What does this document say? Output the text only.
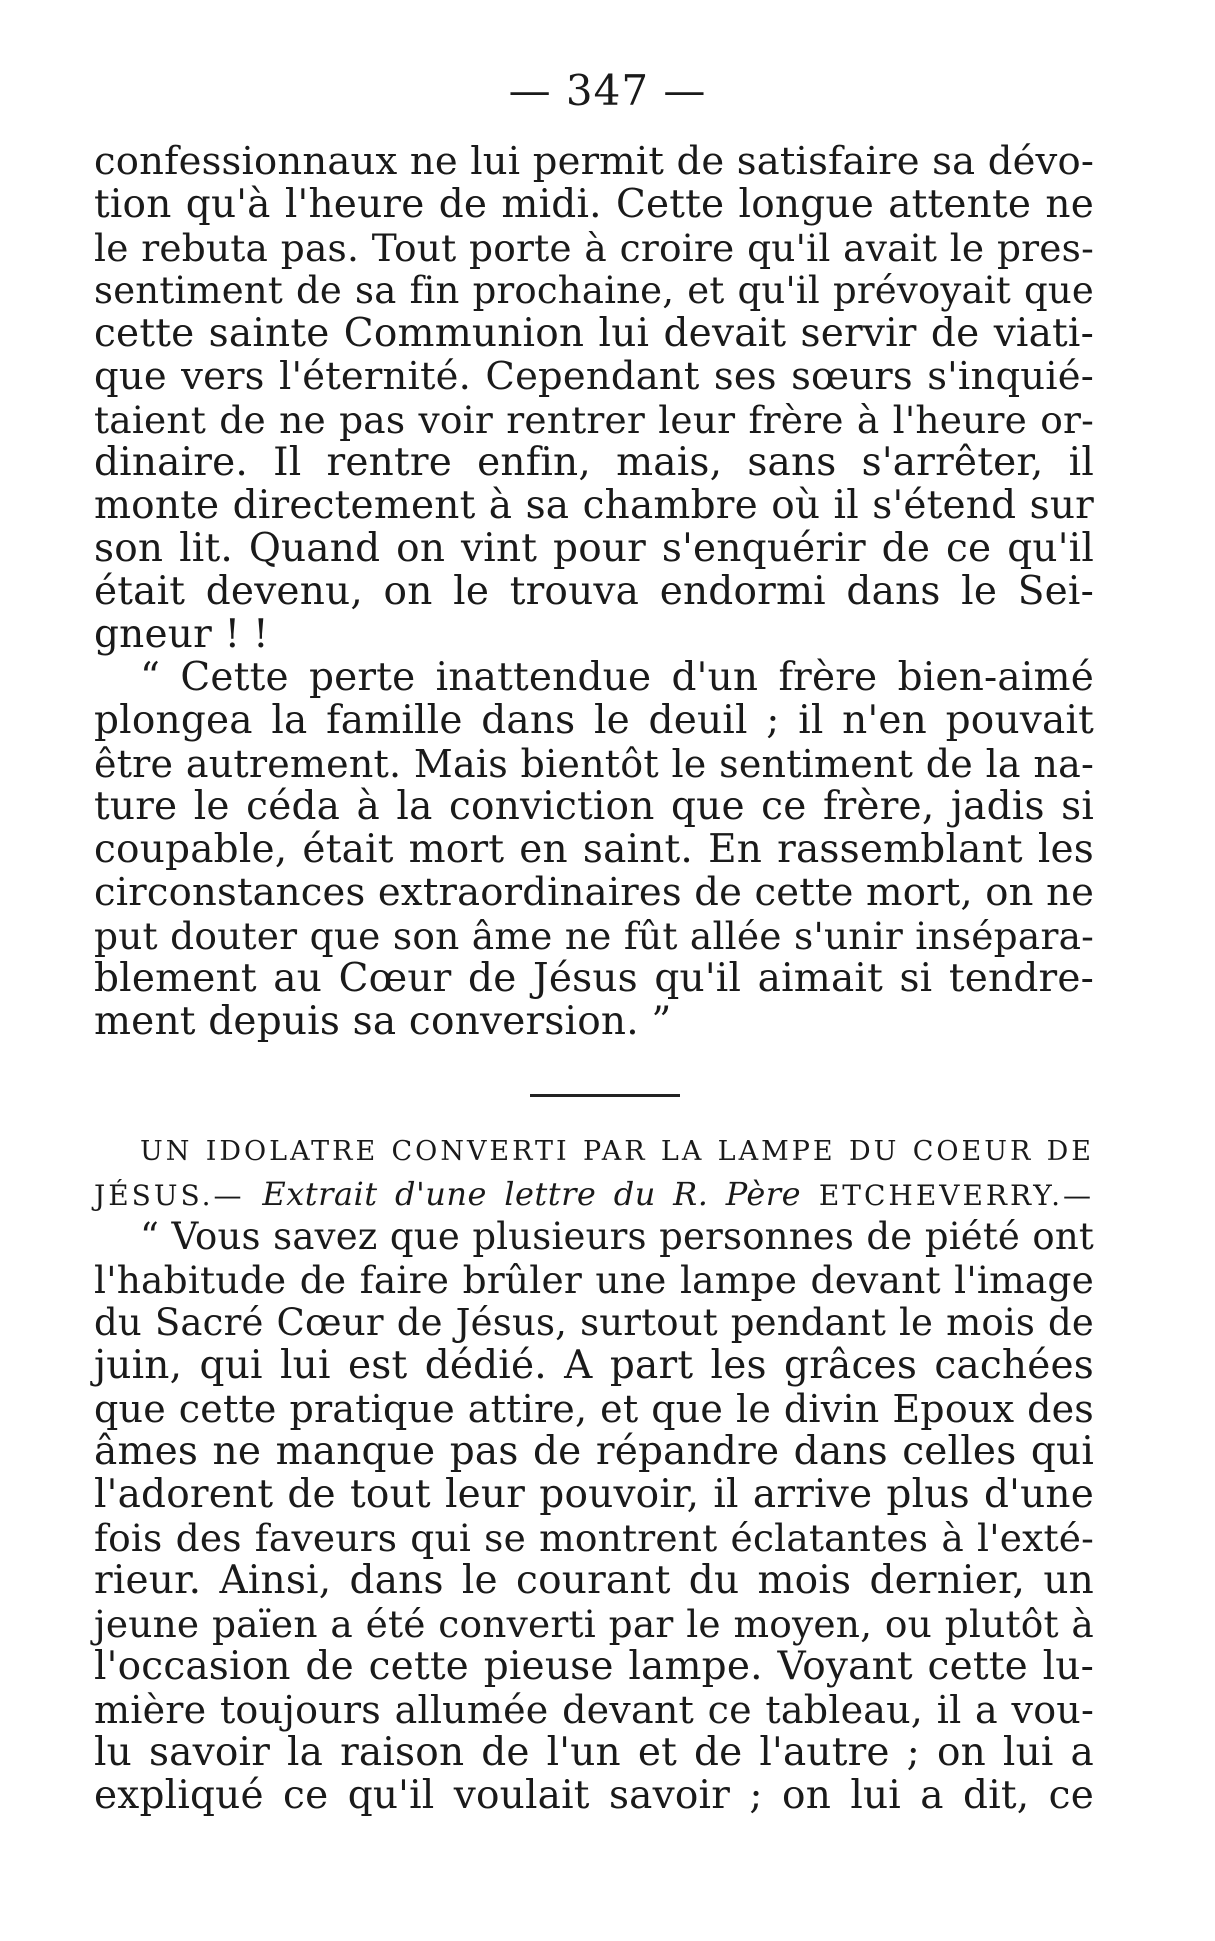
— 347 —
confessionnaux ne lui permit de satisfaire sa dévo-
tion qu'à l'heure de midi. Cette longue attente ne
le rebuta pas. Tout porte à croire qu'il avait le pres-
sentiment de sa fin prochaine, et qu'il prévoyait que
cette sainte Communion lui devait servir de viati-
que vers l'éternité. Cependant ses sœurs s'inquié-
taient de ne pas voir rentrer leur frère à l'heure or-
dinaire. Il rentre enfin, mais, sans s'arrêter, il
monte directement à sa chambre où il s'étend sur
son lit. Quand on vint pour s'enquérir de ce qu'il
était devenu, on le trouva endormi dans le Sei-
gneur ! !
“ Cette perte inattendue d'un frère bien-aimé
plongea la famille dans le deuil ; il n'en pouvait
être autrement. Mais bientôt le sentiment de la na-
ture le céda à la conviction que ce frère, jadis si
coupable, était mort en saint. En rassemblant les
circonstances extraordinaires de cette mort, on ne
put douter que son âme ne fût allée s'unir insépara-
blement au Cœur de Jésus qu'il aimait si tendre-
ment depuis sa conversion. ”
UN IDOLATRE CONVERTI PAR LA LAMPE DU COEUR DE
JÉSUS.— Extrait d'une lettre du R. Père ETCHEVERRY.—
“ Vous savez que plusieurs personnes de piété ont
l'habitude de faire brûler une lampe devant l'image
du Sacré Cœur de Jésus, surtout pendant le mois de
juin, qui lui est dédié. A part les grâces cachées
que cette pratique attire, et que le divin Epoux des
âmes ne manque pas de répandre dans celles qui
l'adorent de tout leur pouvoir, il arrive plus d'une
fois des faveurs qui se montrent éclatantes à l'exté-
rieur. Ainsi, dans le courant du mois dernier, un
jeune païen a été converti par le moyen, ou plutôt à
l'occasion de cette pieuse lampe. Voyant cette lu-
mière toujours allumée devant ce tableau, il a vou-
lu savoir la raison de l'un et de l'autre ; on lui a
expliqué ce qu'il voulait savoir ; on lui a dit, ce
